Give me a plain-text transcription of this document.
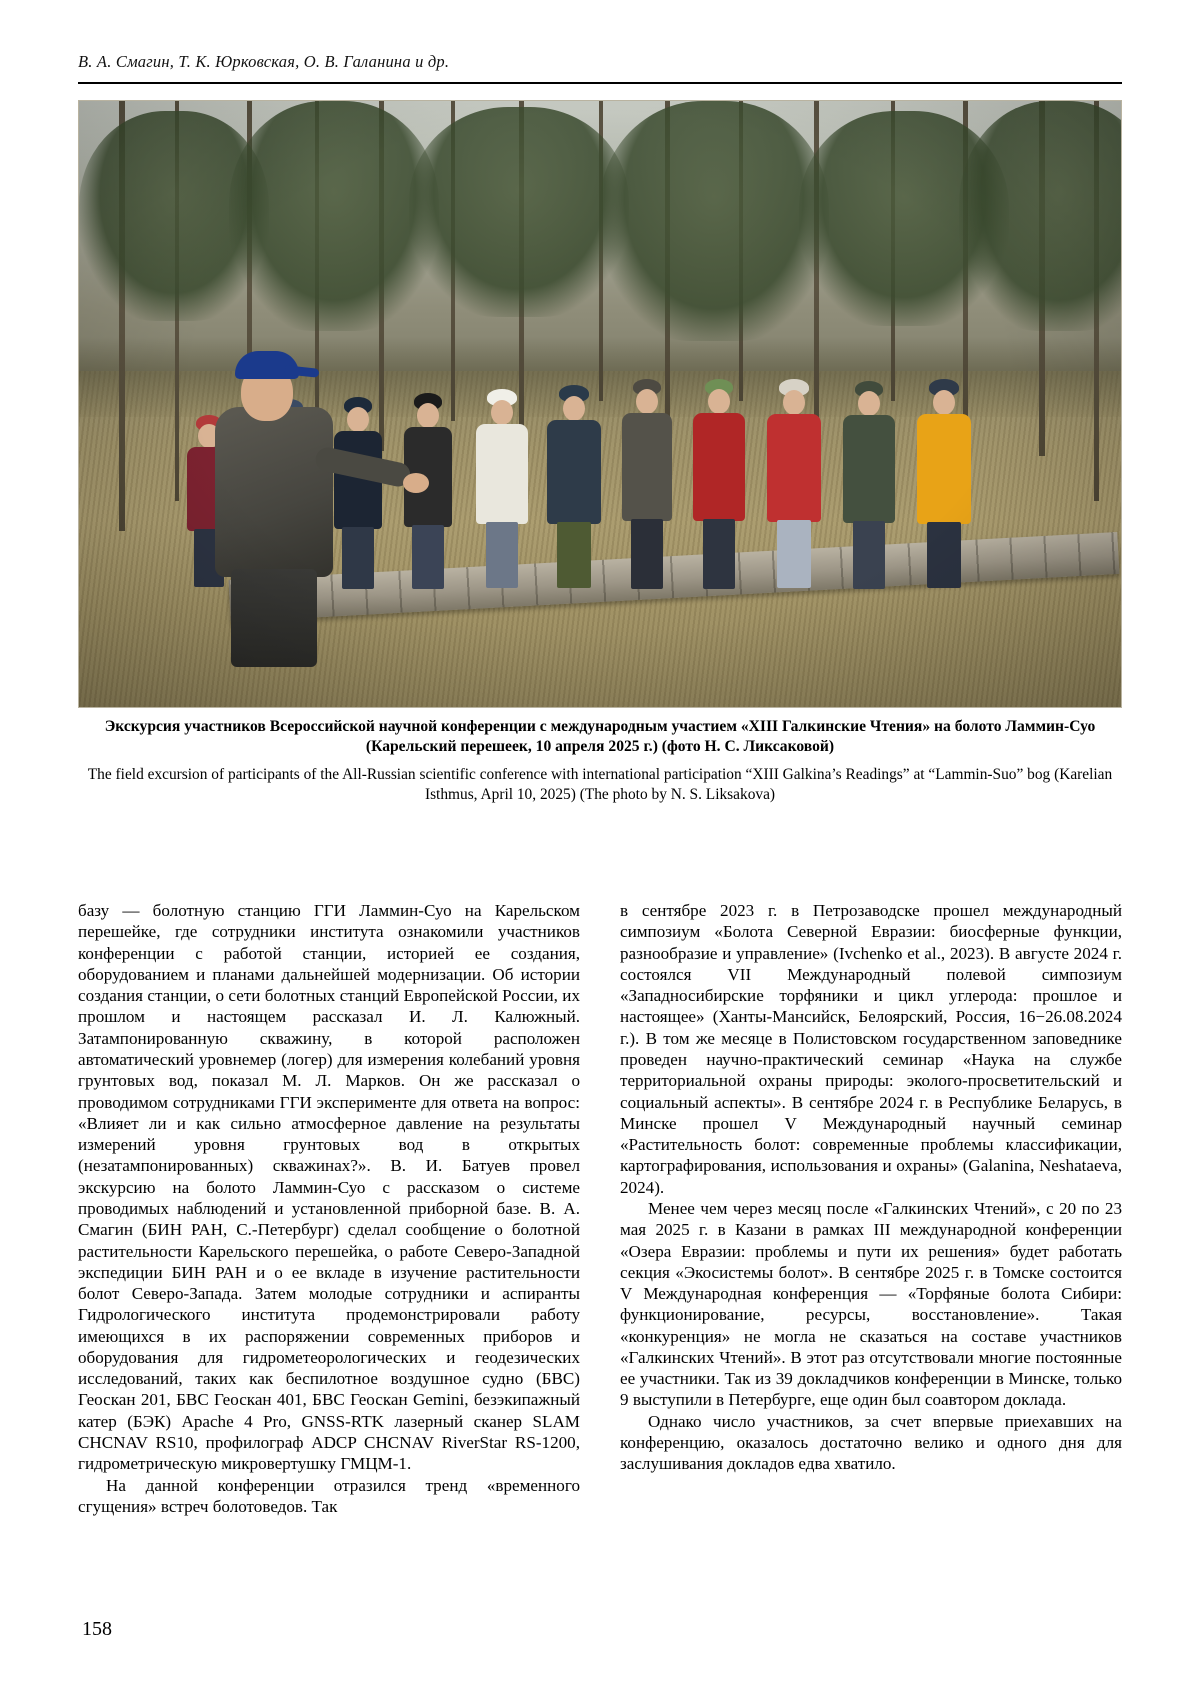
В. А. Смагин, Т. К. Юрковская, О. В. Галанина и др.
Экскурсия участников Всероссийской научной конференции с международным участием «XIII Галкинские Чтения» на болото Ламмин-Суо (Карельский перешеек, 10 апреля 2025 г.) (фото Н. С. Ликсаковой)
The field excursion of participants of the All-Russian scientific conference with international participation “XIII Galkina’s Readings” at “Lammin-Suo” bog (Karelian Isthmus, April 10, 2025) (The photo by N. S. Liksakova)

базу — болотную станцию ГГИ Ламмин-Суо на Карельском перешейке, где сотрудники института ознакомили участников конференции с работой станции, историей ее создания, оборудованием и планами дальнейшей модернизации. Об истории создания станции, о сети болотных станций Европейской России, их прошлом и настоящем рассказал И. Л. Калюжный. Затампонированную скважину, в которой расположен автоматический уровнемер (логер) для измерения колебаний уровня грунтовых вод, показал М. Л. Марков. Он же рассказал о проводимом сотрудниками ГГИ эксперименте для ответа на вопрос: «Влияет ли и как сильно атмосферное давление на результаты измерений уровня грунтовых вод в открытых (незатампонированных) скважинах?». В. И. Батуев провел экскурсию на болото Ламмин-Суо с рассказом о системе проводимых наблюдений и установленной приборной базе. В. А. Смагин (БИН РАН, С.-Петербург) сделал сообщение о болотной растительности Карельского перешейка, о работе Северо-Западной экспедиции БИН РАН и о ее вкладе в изучение растительности болот Северо-Запада. Затем молодые сотрудники и аспиранты Гидрологического института продемонстрировали работу имеющихся в их распоряжении современных приборов и оборудования для гидрометеорологических и геодезических исследований, таких как беспилотное воздушное судно (БВС) Геоскан 201, БВС Геоскан 401, БВС Геоскан Gemini, безэкипажный катер (БЭК) Apache 4 Pro, GNSS-RTK лазерный сканер SLAM CHCNAV RS10, профилограф ADCP CHCNAV RiverStar RS-1200, гидрометрическую микровертушку ГМЦМ-1.

На данной конференции отразился тренд «временного сгущения» встреч болотоведов. Так

в сентябре 2023 г. в Петрозаводске прошел международный симпозиум «Болота Северной Евразии: биосферные функции, разнообразие и управление» (Ivchenko et al., 2023). В августе 2024 г. состоялся VII Международный полевой симпозиум «Западносибирские торфяники и цикл углерода: прошлое и настоящее» (Ханты-Мансийск, Белоярский, Россия, 16−26.08.2024 г.). В том же месяце в Полистовском государственном заповеднике проведен научно-практический семинар «Наука на службе территориальной охраны природы: эколого-просветительский и социальный аспекты». В сентябре 2024 г. в Республике Беларусь, в Минске прошел V Международный научный семинар «Растительность болот: современные проблемы классификации, картографирования, использования и охраны» (Galanina, Neshataeva, 2024).

Менее чем через месяц после «Галкинских Чтений», с 20 по 23 мая 2025 г. в Казани в рамках III международной конференции «Озера Евразии: проблемы и пути их решения» будет работать секция «Экосистемы болот». В сентябре 2025 г. в Томске состоится V Международная конференция — «Торфяные болота Сибири: функционирование, ресурсы, восстановление». Такая «конкуренция» не могла не сказаться на составе участников «Галкинских Чтений». В этот раз отсутствовали многие постоянные ее участники. Так из 39 докладчиков конференции в Минске, только 9 выступили в Петербурге, еще один был соавтором доклада.

Однако число участников, за счет впервые приехавших на конференцию, оказалось достаточно велико и одного дня для заслушивания докладов едва хватило.

158
